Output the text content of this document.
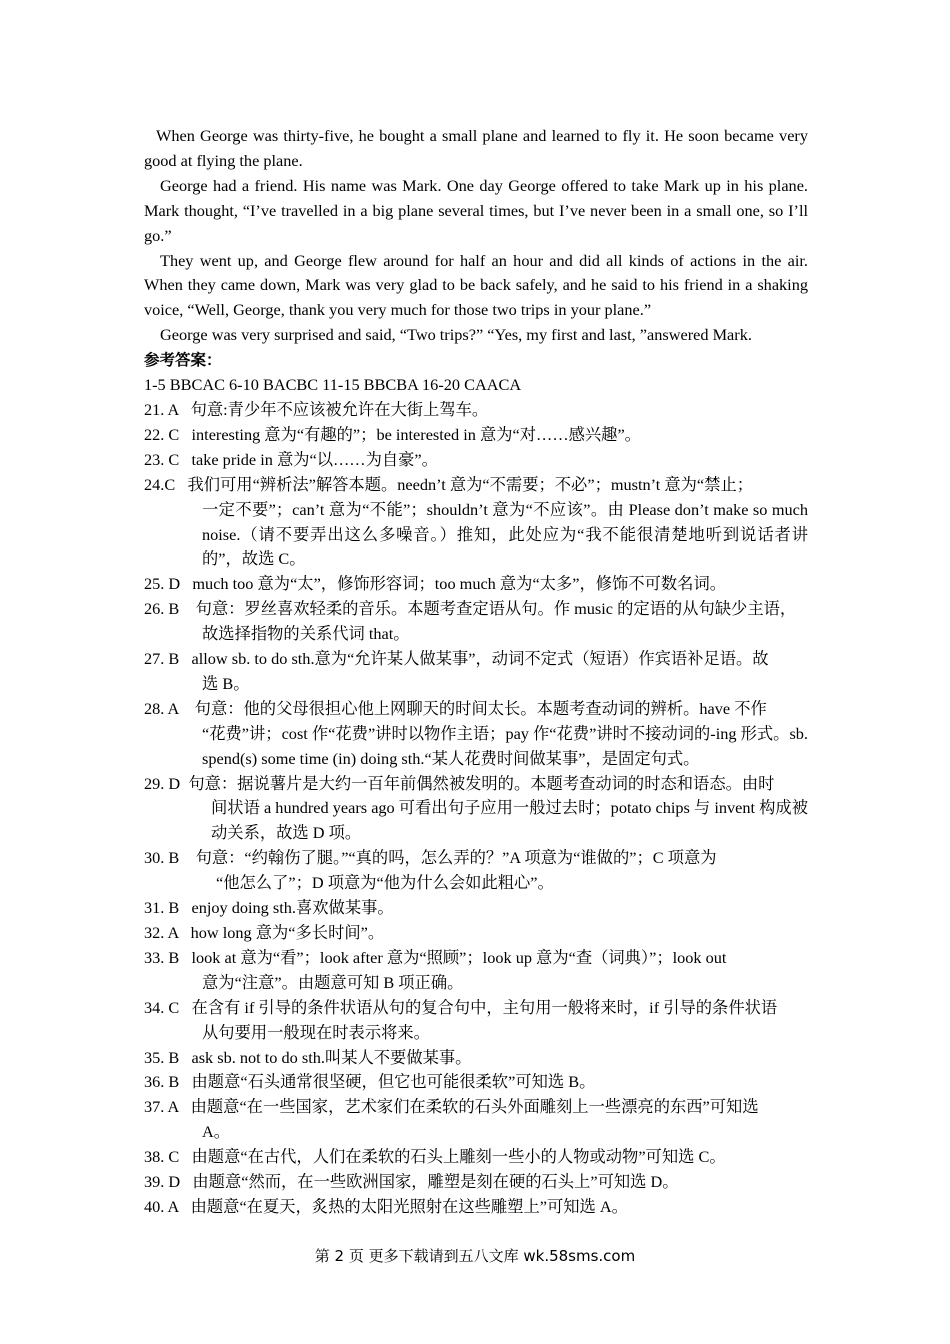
When George was thirty-five, he bought a small plane and learned to fly it. He soon became very good at flying the plane.

George had a friend. His name was Mark. One day George offered to take Mark up in his plane. Mark thought, “I’ve travelled in a big plane several times, but I’ve never been in a small one, so I’ll go.”

They went up, and George flew around for half an hour and did all kinds of actions in the air. When they came down, Mark was very glad to be back safely, and he said to his friend in a shaking voice, “Well, George, thank you very much for those two trips in your plane.”

George was very surprised and said, “Two trips?” “Yes, my first and last, ”answered Mark.

参考答案：

1-5 BBCAC 6-10 BACBC 11-15 BBCBA 16-20 CAACA

21. A 句意:青少年不应该被允许在大街上驾车。
22. C interesting 意为“有趣的”；be interested in 意为“对……感兴趣”。
23. C take pride in 意为“以……为自豪”。
24.C   我们可用“辨析法”解答本题。needn’t 意为“不需要；不必”；mustn’t 意为“禁止；
一定不要”；can’t 意为“不能”；shouldn’t 意为“不应该”。由 Please don’t make so much noise.（请不要弄出这么多噪音。）推知，此处应为“我不能很清楚地听到说话者讲的”，故选 C。
25. D much too 意为“太”，修饰形容词；too much 意为“太多”，修饰不可数名词。
26. B    句意：罗丝喜欢轻柔的音乐。本题考查定语从句。作 music 的定语的从句缺少主语，
故选择指物的关系代词 that。
27. B   allow sb. to do sth.意为“允许某人做某事”，动词不定式（短语）作宾语补足语。故
选 B。
28. A    句意：他的父母很担心他上网聊天的时间太长。本题考查动词的辨析。have 不作
“花费”讲；cost 作“花费”讲时以物作主语；pay 作“花费”讲时不接动词的-ing 形式。sb. spend(s) some time (in) doing sth.“某人花费时间做某事”，是固定句式。
29. D  句意：据说薯片是大约一百年前偶然被发明的。本题考查动词的时态和语态。由时
间状语 a hundred years ago 可看出句子应用一般过去时；potato chips 与 invent 构成被动关系，故选 D 项。
30. B    句意：“约翰伤了腿。”“真的吗，怎么弄的？”A 项意为“谁做的”；C 项意为
“他怎么了”；D 项意为“他为什么会如此粗心”。
31. B enjoy doing sth.喜欢做某事。
32. A how long 意为“多长时间”。
33. B   look at 意为“看”；look after 意为“照顾”；look up 意为“查（词典）”；look out
意为“注意”。由题意可知 B 项正确。
34. C   在含有 if 引导的条件状语从句的复合句中，主句用一般将来时，if 引导的条件状语
从句要用一般现在时表示将来。
35. B ask sb. not to do sth.叫某人不要做某事。
36. B 由题意“石头通常很坚硬，但它也可能很柔软”可知选 B。
37. A   由题意“在一些国家，艺术家们在柔软的石头外面雕刻上一些漂亮的东西”可知选
A。
38. C 由题意“在古代，人们在柔软的石头上雕刻一些小的人物或动物”可知选 C。
39. D 由题意“然而，在一些欧洲国家，雕塑是刻在硬的石头上”可知选 D。
40. A 由题意“在夏天，炙热的太阳光照射在这些雕塑上”可知选 A。
第 2 页 更多下载请到五八文库 wk.58sms.com
